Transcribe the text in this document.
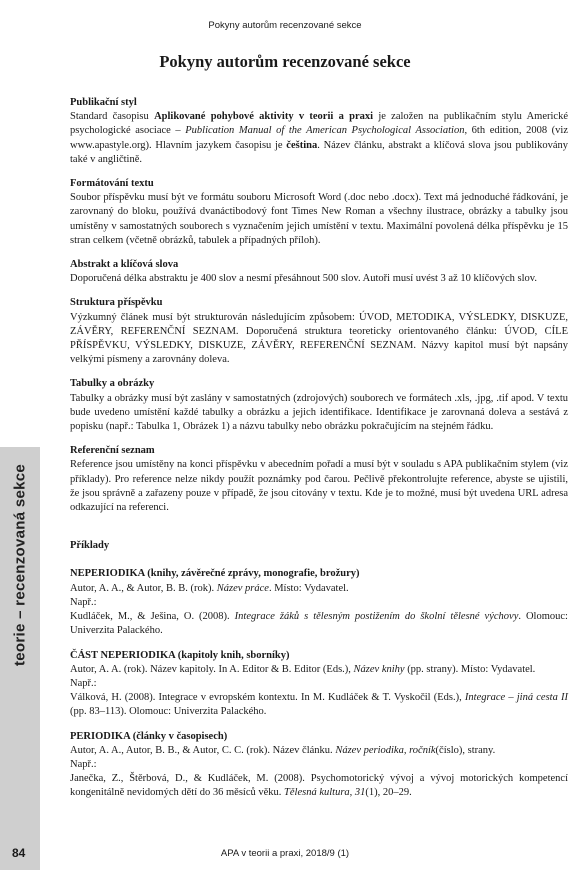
Pokyny autorům recenzované sekce
Pokyny autorům recenzované sekce

Publikační styl

Standard časopisu Aplikované pohybové aktivity v teorii a praxi je založen na publikačním stylu Americké psychologické asociace – Publication Manual of the American Psychological Association, 6th edition, 2008 (viz www.apastyle.org). Hlavním jazykem časopisu je čeština. Název článku, abstrakt a klíčová slova jsou publikovány také v angličtině.

Formátování textu

Soubor příspěvku musí být ve formátu souboru Microsoft Word (.doc nebo .docx). Text má jednoduché řádkování, je zarovnaný do bloku, používá dvanáctibodový font Times New Roman a všechny ilustrace, obrázky a tabulky jsou umístěny v samostatných souborech s vyznačením jejich umístění v textu. Maximální povolená délka příspěvku je 15 stran celkem (včetně obrázků, tabulek a případných příloh).

Abstrakt a klíčová slova

Doporučená délka abstraktu je 400 slov a nesmí přesáhnout 500 slov. Autoři musí uvést 3 až 10 klíčových slov.

Struktura příspěvku

Výzkumný článek musí být strukturován následujícím způsobem: ÚVOD, METODIKA, VÝSLEDKY, DISKUZE, ZÁVĚRY, REFERENČNÍ SEZNAM. Doporučená struktura teoreticky orientovaného článku: ÚVOD, CÍLE PŘÍSPĚVKU, VÝSLEDKY, DISKUZE, ZÁVĚRY, REFERENČNÍ SEZNAM. Názvy kapitol musí být napsány velkými písmeny a zarovnány doleva.

Tabulky a obrázky

Tabulky a obrázky musí být zaslány v samostatných (zdrojových) souborech ve formátech .xls, .jpg, .tif apod. V textu bude uvedeno umístění každé tabulky a obrázku a jejich identifikace. Identifikace je zarovnaná doleva a sestává z popisku (např.: Tabulka 1, Obrázek 1) a názvu tabulky nebo obrázku pokračujícím na stejném řádku.

Referenční seznam

Reference jsou umístěny na konci příspěvku v abecedním pořadí a musí být v souladu s APA publikačním stylem (viz příklady). Pro reference nelze nikdy použít poznámky pod čarou. Pečlivě překontrolujte reference, abyste se ujistili, že jsou správně a zařazeny pouze v případě, že jsou citovány v textu. Kde je to možné, musí být uvedena URL adresa odkazující na referenci.

Příklady

NEPERIODIKA (knihy, závěrečné zprávy, monografie, brožury)

Autor, A. A., & Autor, B. B. (rok). Název práce. Místo: Vydavatel.

Např.:

Kudláček, M., & Ješina, O. (2008). Integrace žáků s tělesným postižením do školní tělesné výchovy. Olomouc: Univerzita Palackého.

ČÁST NEPERIODIKA (kapitoly knih, sborníky)

Autor, A. A. (rok). Název kapitoly. In A. Editor & B. Editor (Eds.), Název knihy (pp. strany). Místo: Vydavatel.

Např.:

Válková, H. (2008). Integrace v evropském kontextu. In M. Kudláček & T. Vyskočil (Eds.), Integrace – jiná cesta II (pp. 83–113). Olomouc: Univerzita Palackého.

PERIODIKA (články v časopisech)

Autor, A. A., Autor, B. B., & Autor, C. C. (rok). Název článku. Název periodika, ročník(číslo), strany.

Např.:

Janečka, Z., Štěrbová, D., & Kudláček, M. (2008). Psychomotorický vývoj a vývoj motorických kompetencí kongenitálně nevidomých dětí do 36 měsíců věku. Tělesná kultura, 31(1), 20–29.

teorie – recenzovaná sekce
84	APA v teorii a praxi, 2018/9 (1)
